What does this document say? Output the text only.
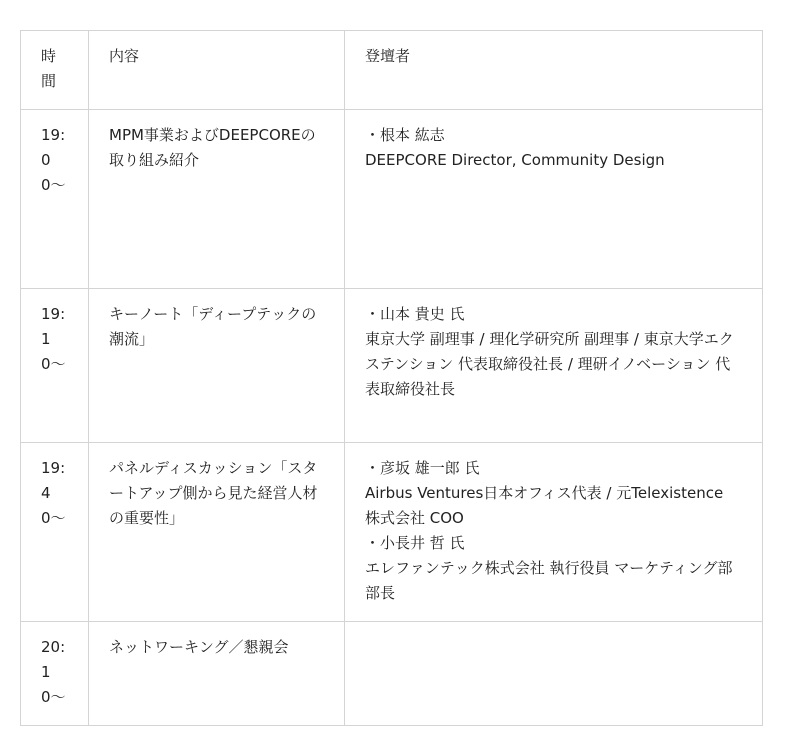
時間	内容	登壇者

19:00〜	MPM事業およびDEEPCOREの取り組み紹介	・根本 紘志
DEEPCORE Director, Community Design

19:10〜	キーノート「ディープテックの潮流」	・山本 貴史 氏
東京大学 副理事 / 理化学研究所 副理事 / 東京大学エクステンション 代表取締役社長 / 理研イノベーション 代表取締役社長

19:40〜	パネルディスカッション「スタートアップ側から見た経営人材の重要性」	・彦坂 雄一郎 氏
Airbus Ventures日本オフィス代表 / 元Telexistence 株式会社 COO
・小長井 哲 氏
エレファンテック株式会社 執行役員 マーケティング部 部長

20:10〜	ネットワーキング／懇親会	
